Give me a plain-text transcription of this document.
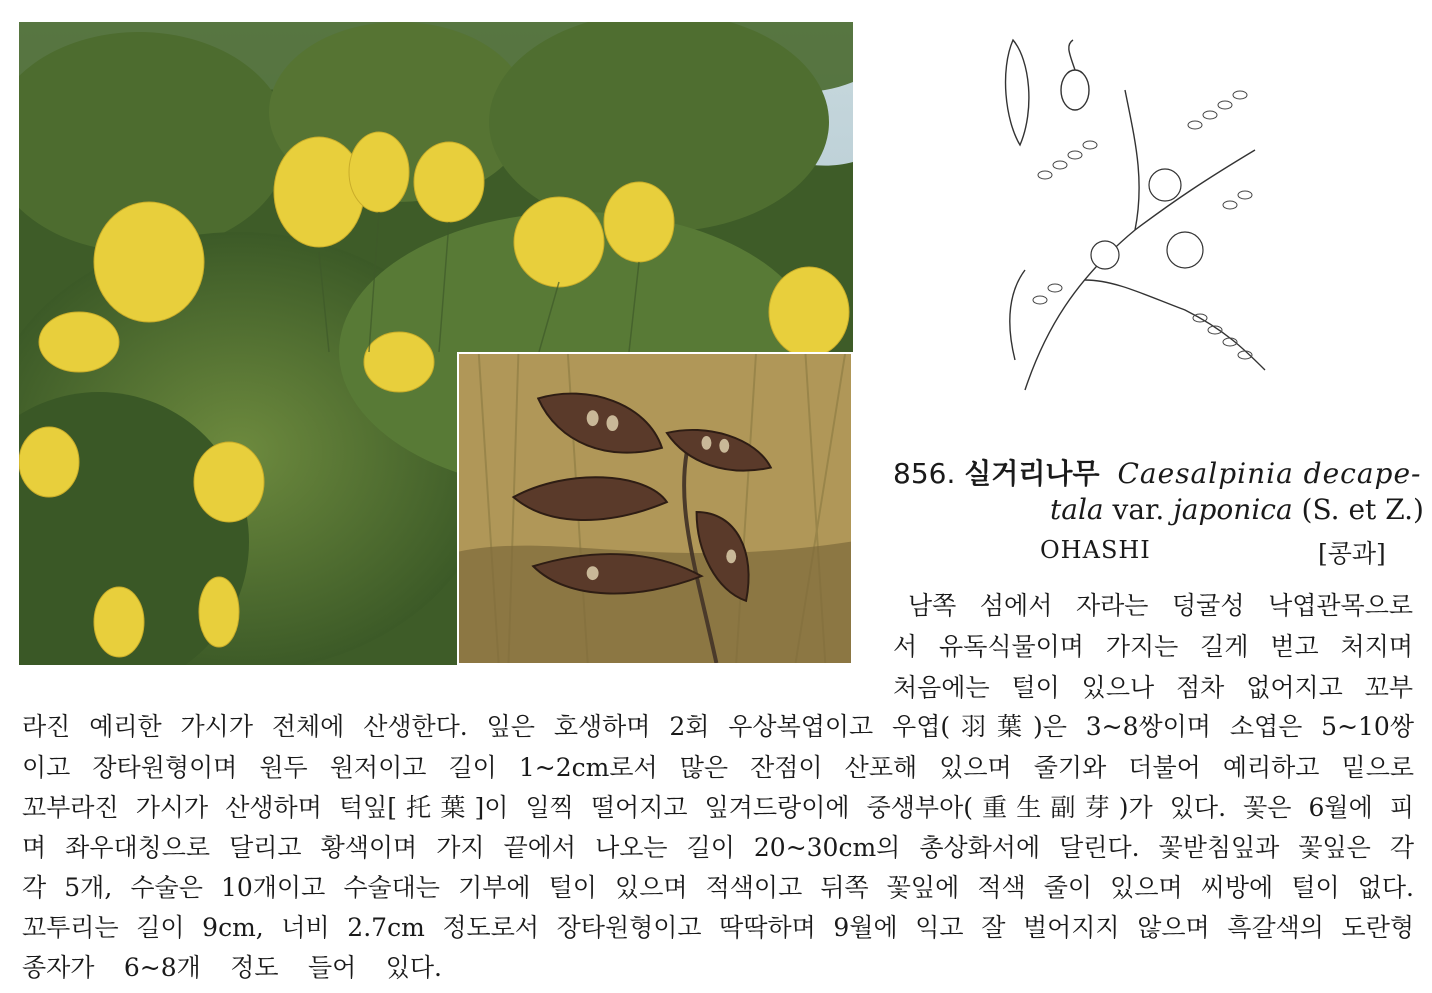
856. 실거리나무 Caesalpinia decape-
tala var. japonica (S. et Z.)
OHASHI	[콩과]
남쪽 섬에서 자라는 덩굴성 낙엽관목으로
서 유독식물이며 가지는 길게 벋고 처지며
처음에는 털이 있으나 점차 없어지고 꼬부
라진 예리한 가시가 전체에 산생한다. 잎은 호생하며 2회 우상복엽이고 우엽(羽葉)은 3~8쌍이며 소엽은 5~10쌍
이고 장타원형이며 원두 원저이고 길이 1~2cm로서 많은 잔점이 산포해 있으며 줄기와 더불어 예리하고 밑으로
꼬부라진 가시가 산생하며 턱잎[托葉]이 일찍 떨어지고 잎겨드랑이에 중생부아(重生副芽)가 있다. 꽃은 6월에 피
며 좌우대칭으로 달리고 황색이며 가지 끝에서 나오는 길이 20~30cm의 총상화서에 달린다. 꽃받침잎과 꽃잎은 각
각 5개, 수술은 10개이고 수술대는 기부에 털이 있으며 적색이고 뒤쪽 꽃잎에 적색 줄이 있으며 씨방에 털이 없다.
꼬투리는 길이 9cm, 너비 2.7cm 정도로서 장타원형이고 딱딱하며 9월에 익고 잘 벌어지지 않으며 흑갈색의 도란형
종자가 6~8개 정도 들어 있다.
